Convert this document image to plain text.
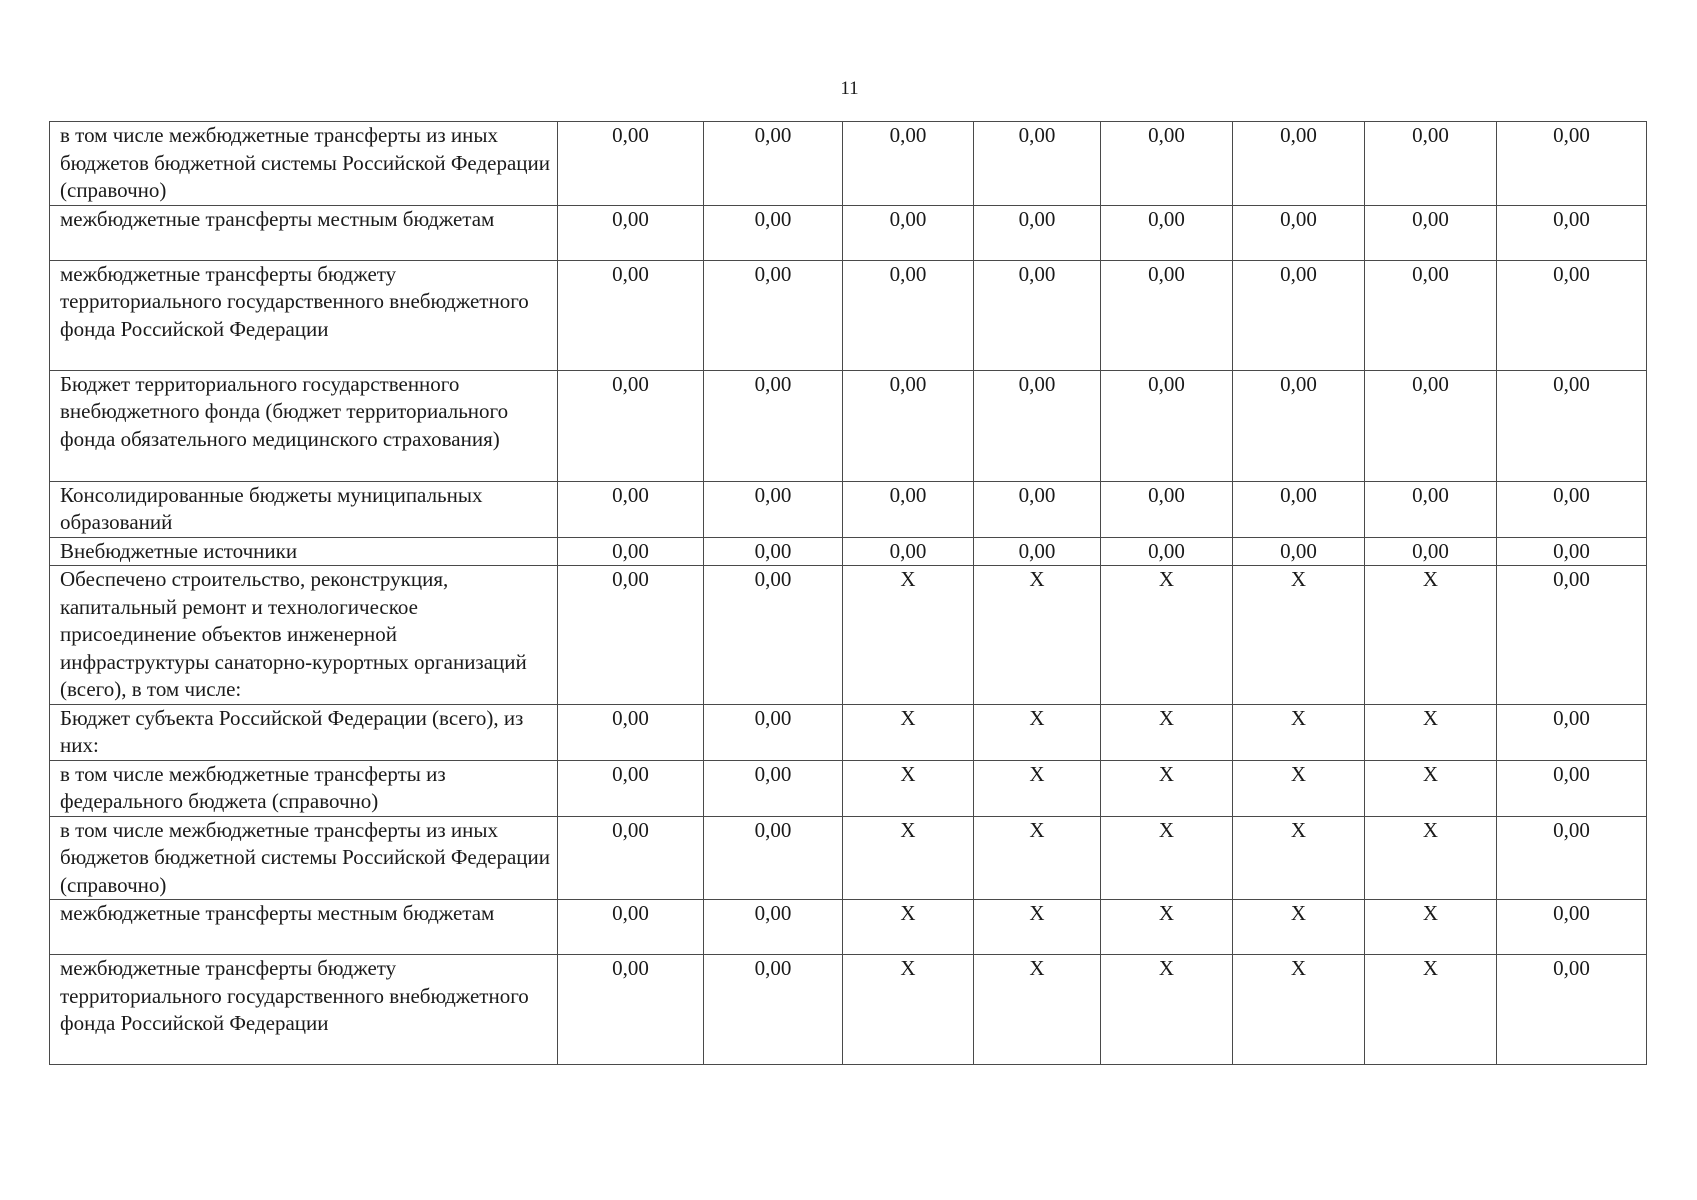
11
в том числе межбюджетные трансферты из иных бюджетов бюджетной системы Российской Федерации (справочно)	0,00	0,00	0,00	0,00	0,00	0,00	0,00	0,00
межбюджетные трансферты местным бюджетам	0,00	0,00	0,00	0,00	0,00	0,00	0,00	0,00
межбюджетные трансферты бюджету территориального государственного внебюджетного фонда Российской Федерации	0,00	0,00	0,00	0,00	0,00	0,00	0,00	0,00
Бюджет территориального государственного внебюджетного фонда (бюджет территориального фонда обязательного медицинского страхования)	0,00	0,00	0,00	0,00	0,00	0,00	0,00	0,00
Консолидированные бюджеты муниципальных образований	0,00	0,00	0,00	0,00	0,00	0,00	0,00	0,00
Внебюджетные источники	0,00	0,00	0,00	0,00	0,00	0,00	0,00	0,00
Обеспечено строительство, реконструкция, капитальный ремонт и технологическое присоединение объектов инженерной инфраструктуры санаторно-курортных организаций (всего), в том числе:	0,00	0,00	X	X	X	X	X	0,00
Бюджет субъекта Российской Федерации (всего), из них:	0,00	0,00	X	X	X	X	X	0,00
в том числе межбюджетные трансферты из федерального бюджета (справочно)	0,00	0,00	X	X	X	X	X	0,00
в том числе межбюджетные трансферты из иных бюджетов бюджетной системы Российской Федерации (справочно)	0,00	0,00	X	X	X	X	X	0,00
межбюджетные трансферты местным бюджетам	0,00	0,00	X	X	X	X	X	0,00
межбюджетные трансферты бюджету территориального государственного внебюджетного фонда Российской Федерации	0,00	0,00	X	X	X	X	X	0,00
